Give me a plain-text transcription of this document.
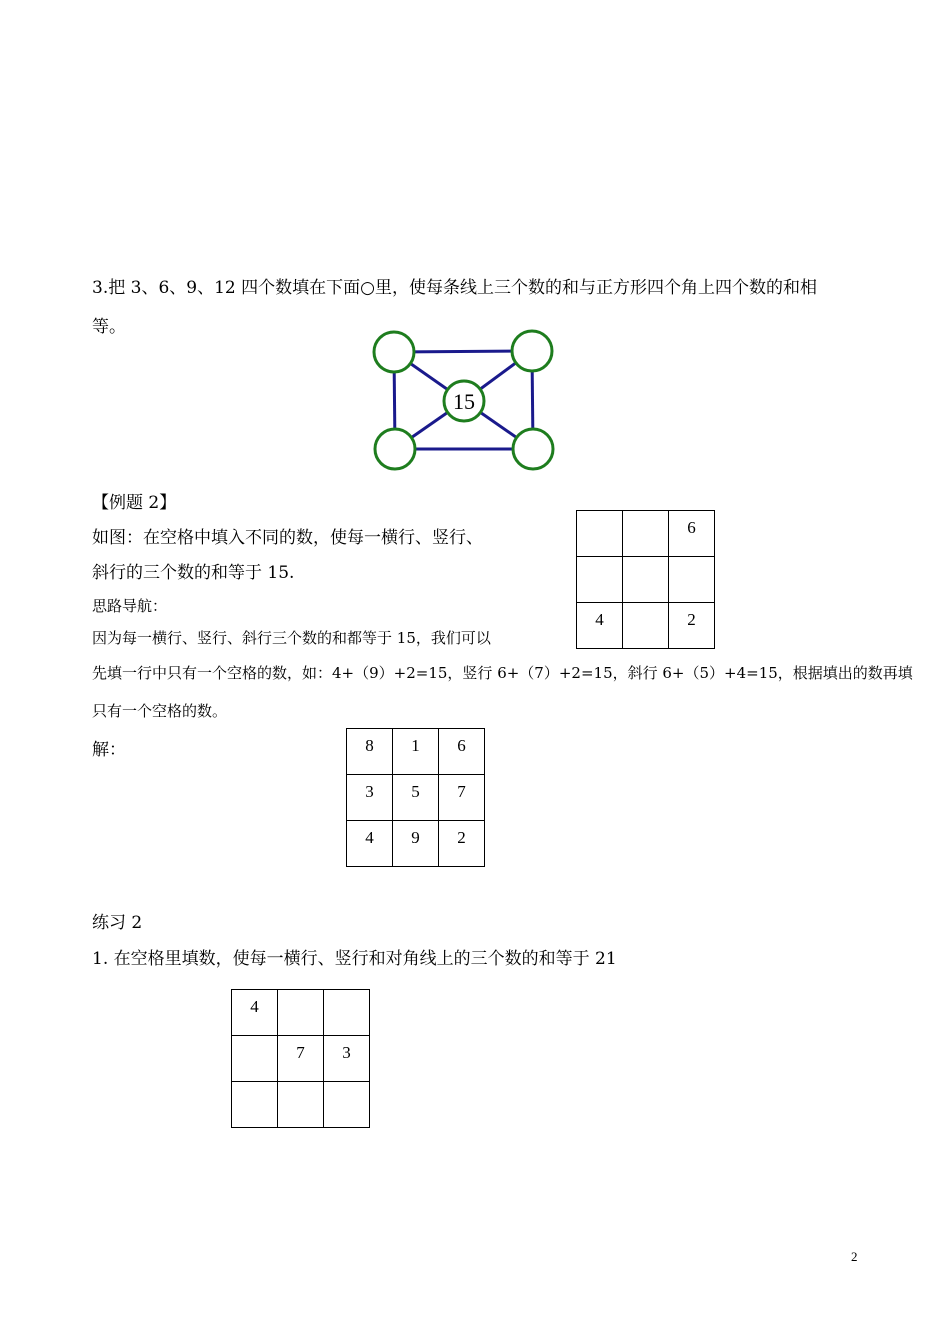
3.把 3、6、9、12 四个数填在下面○里，使每条线上三个数的和与正方形四个角上四个数的和相
等。
15
【例题 2】
如图：在空格中填入不同的数，使每一横行、竖行、
斜行的三个数的和等于 15.
思路导航：
因为每一横行、竖行、斜行三个数的和都等于 15，我们可以
先填一行中只有一个空格的数，如：4+（9）+2=15，竖行 6+（7）+2=15，斜行 6+（5）+4=15，根据填出的数再填
只有一个空格的数。
		6

4		2
解：	8	1	6
3	5	7
4	9	2
练习 2
1. 在空格里填数，使每一横行、竖行和对角线上的三个数的和等于 21
4		
	7	3

2
